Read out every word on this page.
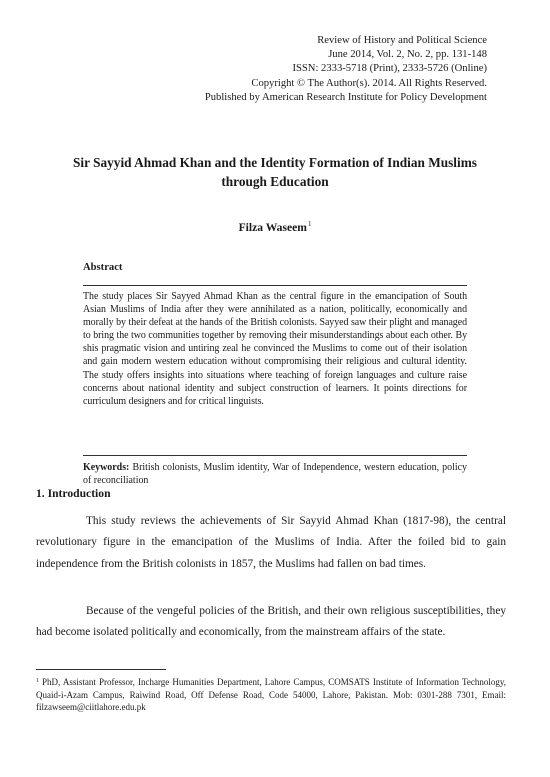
Review of History and Political Science
June 2014, Vol. 2, No. 2, pp. 131-148
ISSN: 2333-5718 (Print), 2333-5726 (Online)
Copyright © The Author(s). 2014. All Rights Reserved.
Published by American Research Institute for Policy Development
Sir Sayyid Ahmad Khan and the Identity Formation of Indian Muslims
through Education
Filza Waseem$^1$
Abstract
The study places Sir Sayyed Ahmad Khan as the central figure in the emancipation of South Asian Muslims of India after they were annihilated as a nation, politically, economically and morally by their defeat at the hands of the British colonists. Sayyed saw their plight and managed to bring the two communities together by removing their misunderstandings about each other. By shis pragmatic vision and untiring zeal he convinced the Muslims to come out of their isolation and gain modern western education without compromising their religious and cultural identity. The study offers insights into situations where teaching of foreign languages and culture raise concerns about national identity and subject construction of learners. It points directions for curriculum designers and for critical linguists.
Keywords: British colonists, Muslim identity, War of Independence, western education, policy of reconciliation
1. Introduction

This study reviews the achievements of Sir Sayyid Ahmad Khan (1817-98), the central revolutionary figure in the emancipation of the Muslims of India. After the foiled bid to gain independence from the British colonists in 1857, the Muslims had fallen on bad times.

Because of the vengeful policies of the British, and their own religious susceptibilities, they had become isolated politically and economically, from the mainstream affairs of the state.

$^1$ PhD, Assistant Professor, Incharge Humanities Department, Lahore Campus, COMSATS Institute of Information Technology, Quaid-i-Azam Campus, Raiwind Road, Off Defense Road, Code 54000, Lahore, Pakistan. Mob: 0301-288 7301, Email: filzawseem@ciitlahore.edu.pk
